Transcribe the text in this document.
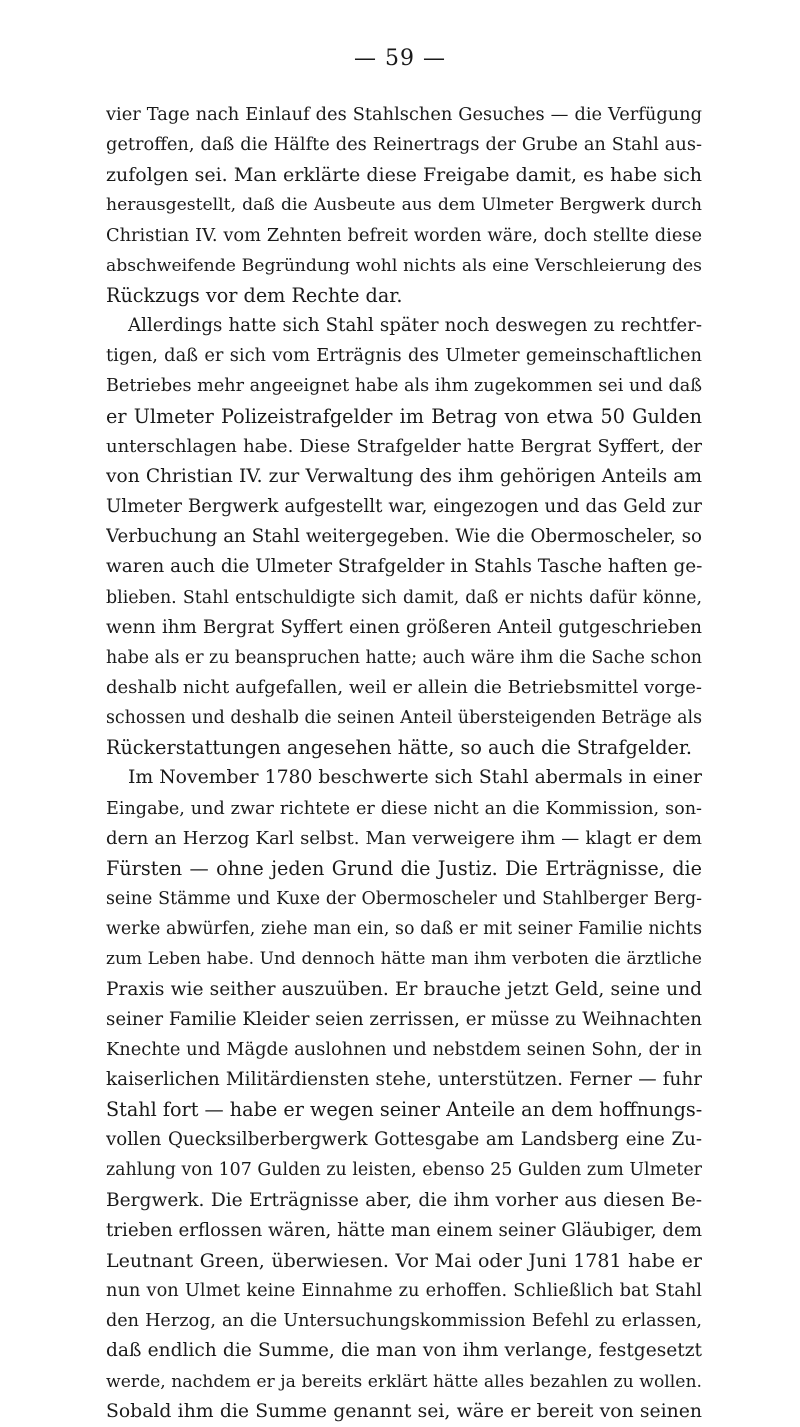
— 59 —
vier Tage nach Einlauf des Stahlschen Gesuches — die Verfügung
getroffen, daß die Hälfte des Reinertrags der Grube an Stahl aus-
zufolgen sei. Man erklärte diese Freigabe damit, es habe sich
herausgestellt, daß die Ausbeute aus dem Ulmeter Bergwerk durch
Christian IV. vom Zehnten befreit worden wäre, doch stellte diese
abschweifende Begründung wohl nichts als eine Verschleierung des
Rückzugs vor dem Rechte dar.
Allerdings hatte sich Stahl später noch deswegen zu rechtfer-
tigen, daß er sich vom Erträgnis des Ulmeter gemeinschaftlichen
Betriebes mehr angeeignet habe als ihm zugekommen sei und daß
er Ulmeter Polizeistrafgelder im Betrag von etwa 50 Gulden
unterschlagen habe. Diese Strafgelder hatte Bergrat Syffert, der
von Christian IV. zur Verwaltung des ihm gehörigen Anteils am
Ulmeter Bergwerk aufgestellt war, eingezogen und das Geld zur
Verbuchung an Stahl weitergegeben. Wie die Obermoscheler, so
waren auch die Ulmeter Strafgelder in Stahls Tasche haften ge-
blieben. Stahl entschuldigte sich damit, daß er nichts dafür könne,
wenn ihm Bergrat Syffert einen größeren Anteil gutgeschrieben
habe als er zu beanspruchen hatte; auch wäre ihm die Sache schon
deshalb nicht aufgefallen, weil er allein die Betriebsmittel vorge-
schossen und deshalb die seinen Anteil übersteigenden Beträge als
Rückerstattungen angesehen hätte, so auch die Strafgelder.
Im November 1780 beschwerte sich Stahl abermals in einer
Eingabe, und zwar richtete er diese nicht an die Kommission, son-
dern an Herzog Karl selbst. Man verweigere ihm — klagt er dem
Fürsten — ohne jeden Grund die Justiz. Die Erträgnisse, die
seine Stämme und Kuxe der Obermoscheler und Stahlberger Berg-
werke abwürfen, ziehe man ein, so daß er mit seiner Familie nichts
zum Leben habe. Und dennoch hätte man ihm verboten die ärztliche
Praxis wie seither auszuüben. Er brauche jetzt Geld, seine und
seiner Familie Kleider seien zerrissen, er müsse zu Weihnachten
Knechte und Mägde auslohnen und nebstdem seinen Sohn, der in
kaiserlichen Militärdiensten stehe, unterstützen. Ferner — fuhr
Stahl fort — habe er wegen seiner Anteile an dem hoffnungs-
vollen Quecksilberbergwerk Gottesgabe am Landsberg eine Zu-
zahlung von 107 Gulden zu leisten, ebenso 25 Gulden zum Ulmeter
Bergwerk. Die Erträgnisse aber, die ihm vorher aus diesen Be-
trieben erflossen wären, hätte man einem seiner Gläubiger, dem
Leutnant Green, überwiesen. Vor Mai oder Juni 1781 habe er
nun von Ulmet keine Einnahme zu erhoffen. Schließlich bat Stahl
den Herzog, an die Untersuchungskommission Befehl zu erlassen,
daß endlich die Summe, die man von ihm verlange, festgesetzt
werde, nachdem er ja bereits erklärt hätte alles bezahlen zu wollen.
Sobald ihm die Summe genannt sei, wäre er bereit von seinen
